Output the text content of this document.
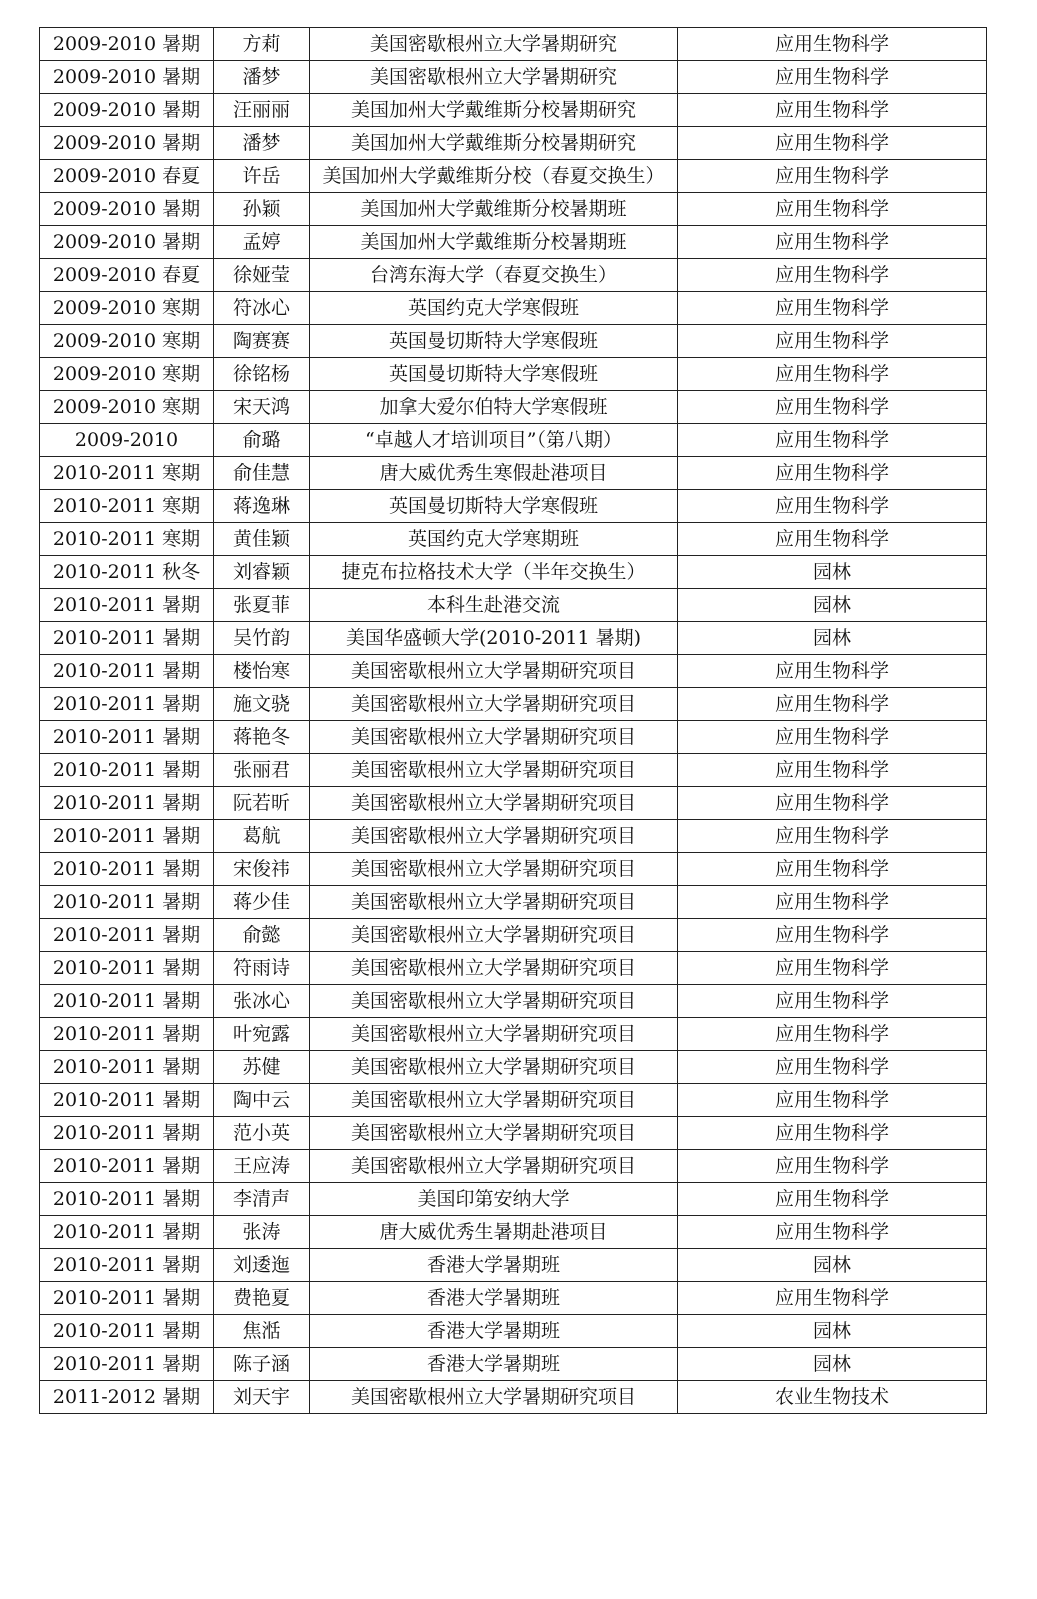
2009-2010 暑期	方莉	美国密歇根州立大学暑期研究	应用生物科学
2009-2010 暑期	潘梦	美国密歇根州立大学暑期研究	应用生物科学
2009-2010 暑期	汪丽丽	美国加州大学戴维斯分校暑期研究	应用生物科学
2009-2010 暑期	潘梦	美国加州大学戴维斯分校暑期研究	应用生物科学
2009-2010 春夏	许岳	美国加州大学戴维斯分校（春夏交换生）	应用生物科学
2009-2010 暑期	孙颖	美国加州大学戴维斯分校暑期班	应用生物科学
2009-2010 暑期	孟婷	美国加州大学戴维斯分校暑期班	应用生物科学
2009-2010 春夏	徐娅莹	台湾东海大学（春夏交换生）	应用生物科学
2009-2010 寒期	符冰心	英国约克大学寒假班	应用生物科学
2009-2010 寒期	陶赛赛	英国曼切斯特大学寒假班	应用生物科学
2009-2010 寒期	徐铭杨	英国曼切斯特大学寒假班	应用生物科学
2009-2010 寒期	宋天鸿	加拿大爱尔伯特大学寒假班	应用生物科学
2009-2010	俞璐	“卓越人才培训项目”（第八期）	应用生物科学
2010-2011 寒期	俞佳慧	唐大威优秀生寒假赴港项目	应用生物科学
2010-2011 寒期	蒋逸琳	英国曼切斯特大学寒假班	应用生物科学
2010-2011 寒期	黄佳颖	英国约克大学寒期班	应用生物科学
2010-2011 秋冬	刘睿颖	捷克布拉格技术大学（半年交换生）	园林
2010-2011 暑期	张夏菲	本科生赴港交流	园林
2010-2011 暑期	吴竹韵	美国华盛顿大学(2010-2011 暑期)	园林
2010-2011 暑期	楼怡寒	美国密歇根州立大学暑期研究项目	应用生物科学
2010-2011 暑期	施文骁	美国密歇根州立大学暑期研究项目	应用生物科学
2010-2011 暑期	蒋艳冬	美国密歇根州立大学暑期研究项目	应用生物科学
2010-2011 暑期	张丽君	美国密歇根州立大学暑期研究项目	应用生物科学
2010-2011 暑期	阮若昕	美国密歇根州立大学暑期研究项目	应用生物科学
2010-2011 暑期	葛航	美国密歇根州立大学暑期研究项目	应用生物科学
2010-2011 暑期	宋俊祎	美国密歇根州立大学暑期研究项目	应用生物科学
2010-2011 暑期	蒋少佳	美国密歇根州立大学暑期研究项目	应用生物科学
2010-2011 暑期	俞懿	美国密歇根州立大学暑期研究项目	应用生物科学
2010-2011 暑期	符雨诗	美国密歇根州立大学暑期研究项目	应用生物科学
2010-2011 暑期	张冰心	美国密歇根州立大学暑期研究项目	应用生物科学
2010-2011 暑期	叶宛露	美国密歇根州立大学暑期研究项目	应用生物科学
2010-2011 暑期	苏健	美国密歇根州立大学暑期研究项目	应用生物科学
2010-2011 暑期	陶中云	美国密歇根州立大学暑期研究项目	应用生物科学
2010-2011 暑期	范小英	美国密歇根州立大学暑期研究项目	应用生物科学
2010-2011 暑期	王应涛	美国密歇根州立大学暑期研究项目	应用生物科学
2010-2011 暑期	李清声	美国印第安纳大学	应用生物科学
2010-2011 暑期	张涛	唐大威优秀生暑期赴港项目	应用生物科学
2010-2011 暑期	刘逶迤	香港大学暑期班	园林
2010-2011 暑期	费艳夏	香港大学暑期班	应用生物科学
2010-2011 暑期	焦湉	香港大学暑期班	园林
2010-2011 暑期	陈子涵	香港大学暑期班	园林
2011-2012 暑期	刘天宇	美国密歇根州立大学暑期研究项目	农业生物技术
